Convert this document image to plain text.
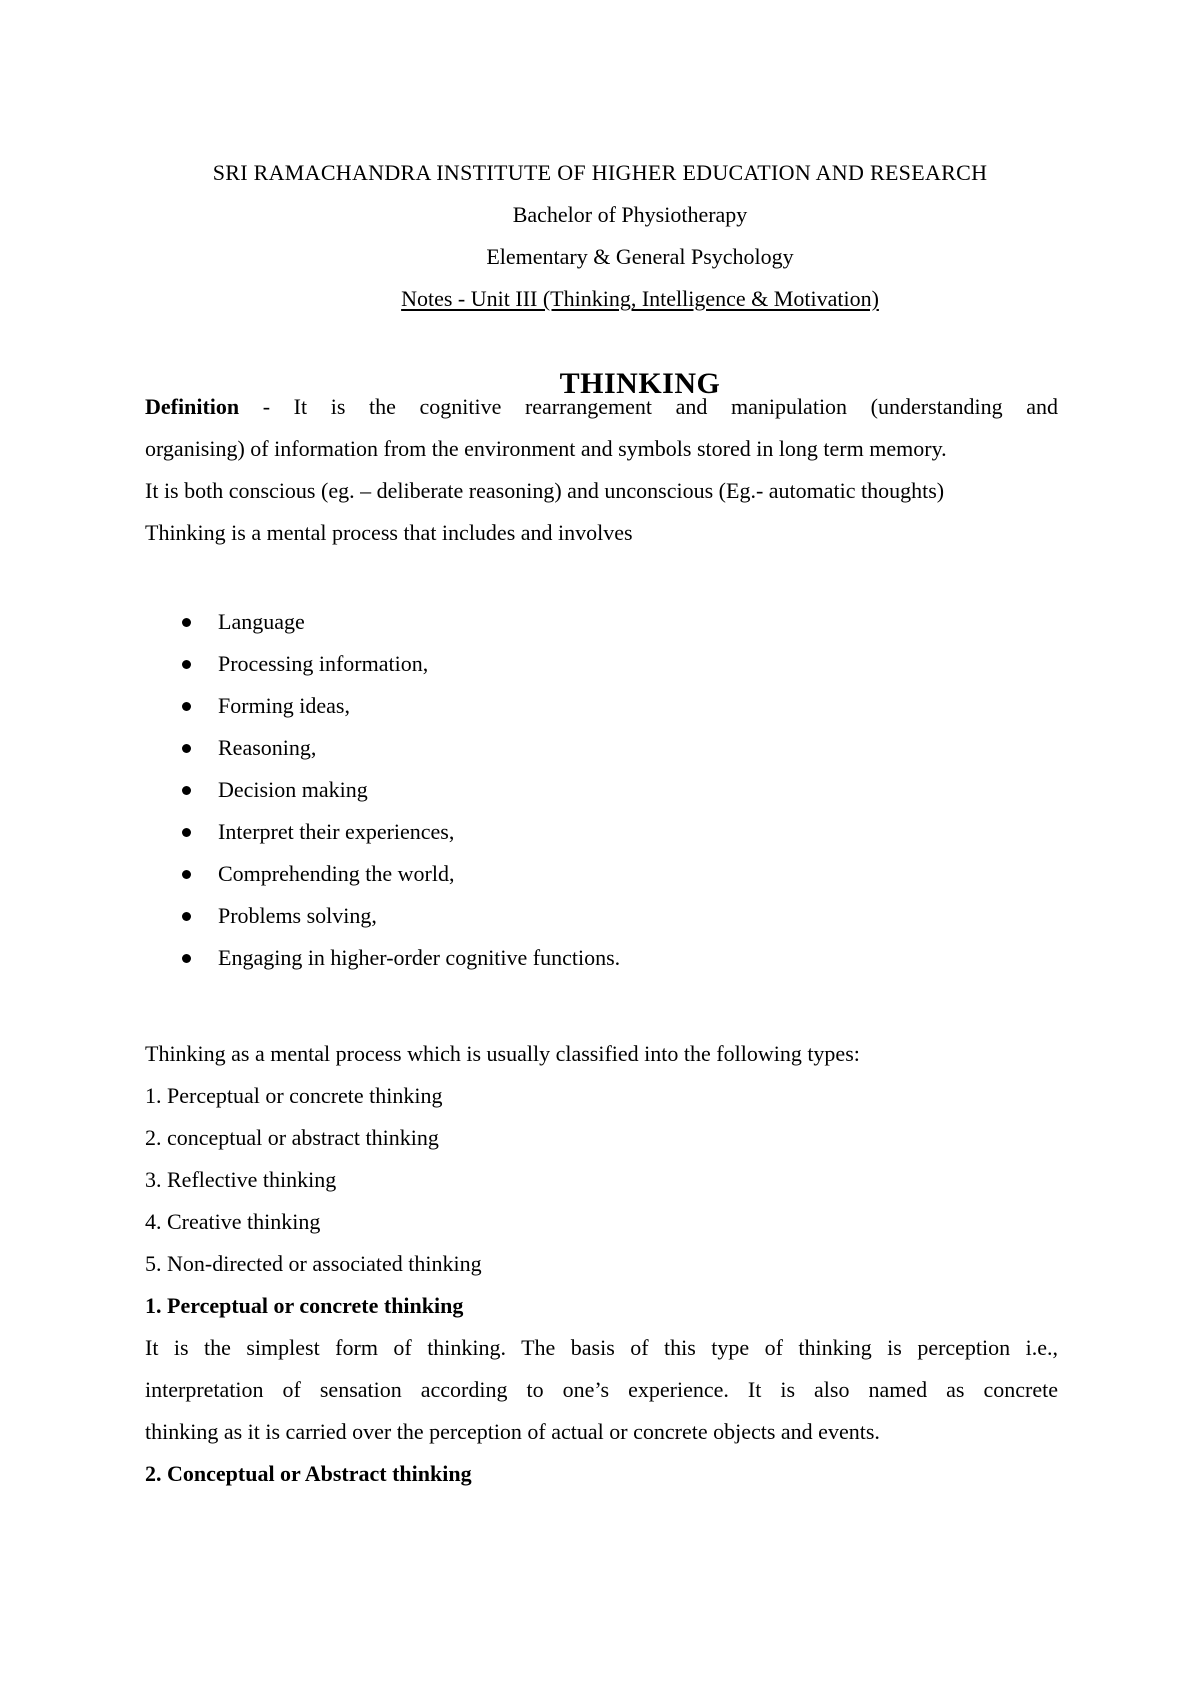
SRI RAMACHANDRA INSTITUTE OF HIGHER EDUCATION AND RESEARCH
Bachelor of Physiotherapy
Elementary & General Psychology
Notes - Unit III (Thinking, Intelligence & Motivation)
THINKING
Definition - It is the cognitive rearrangement and manipulation (understanding and
organising) of information from the environment and symbols stored in long term memory.
It is both conscious (eg. – deliberate reasoning) and unconscious (Eg.- automatic thoughts)
Thinking is a mental process that includes and involves
Language
Processing information,
Forming ideas,
Reasoning,
Decision making
Interpret their experiences,
Comprehending the world,
Problems solving,
Engaging in higher-order cognitive functions.
Thinking as a mental process which is usually classified into the following types:
1. Perceptual or concrete thinking
2. conceptual or abstract thinking
3. Reflective thinking
4. Creative thinking
5. Non-directed or associated thinking
1. Perceptual or concrete thinking
It is the simplest form of thinking. The basis of this type of thinking is perception i.e.,
interpretation of sensation according to one’s experience. It is also named as concrete
thinking as it is carried over the perception of actual or concrete objects and events.
2. Conceptual or Abstract thinking
